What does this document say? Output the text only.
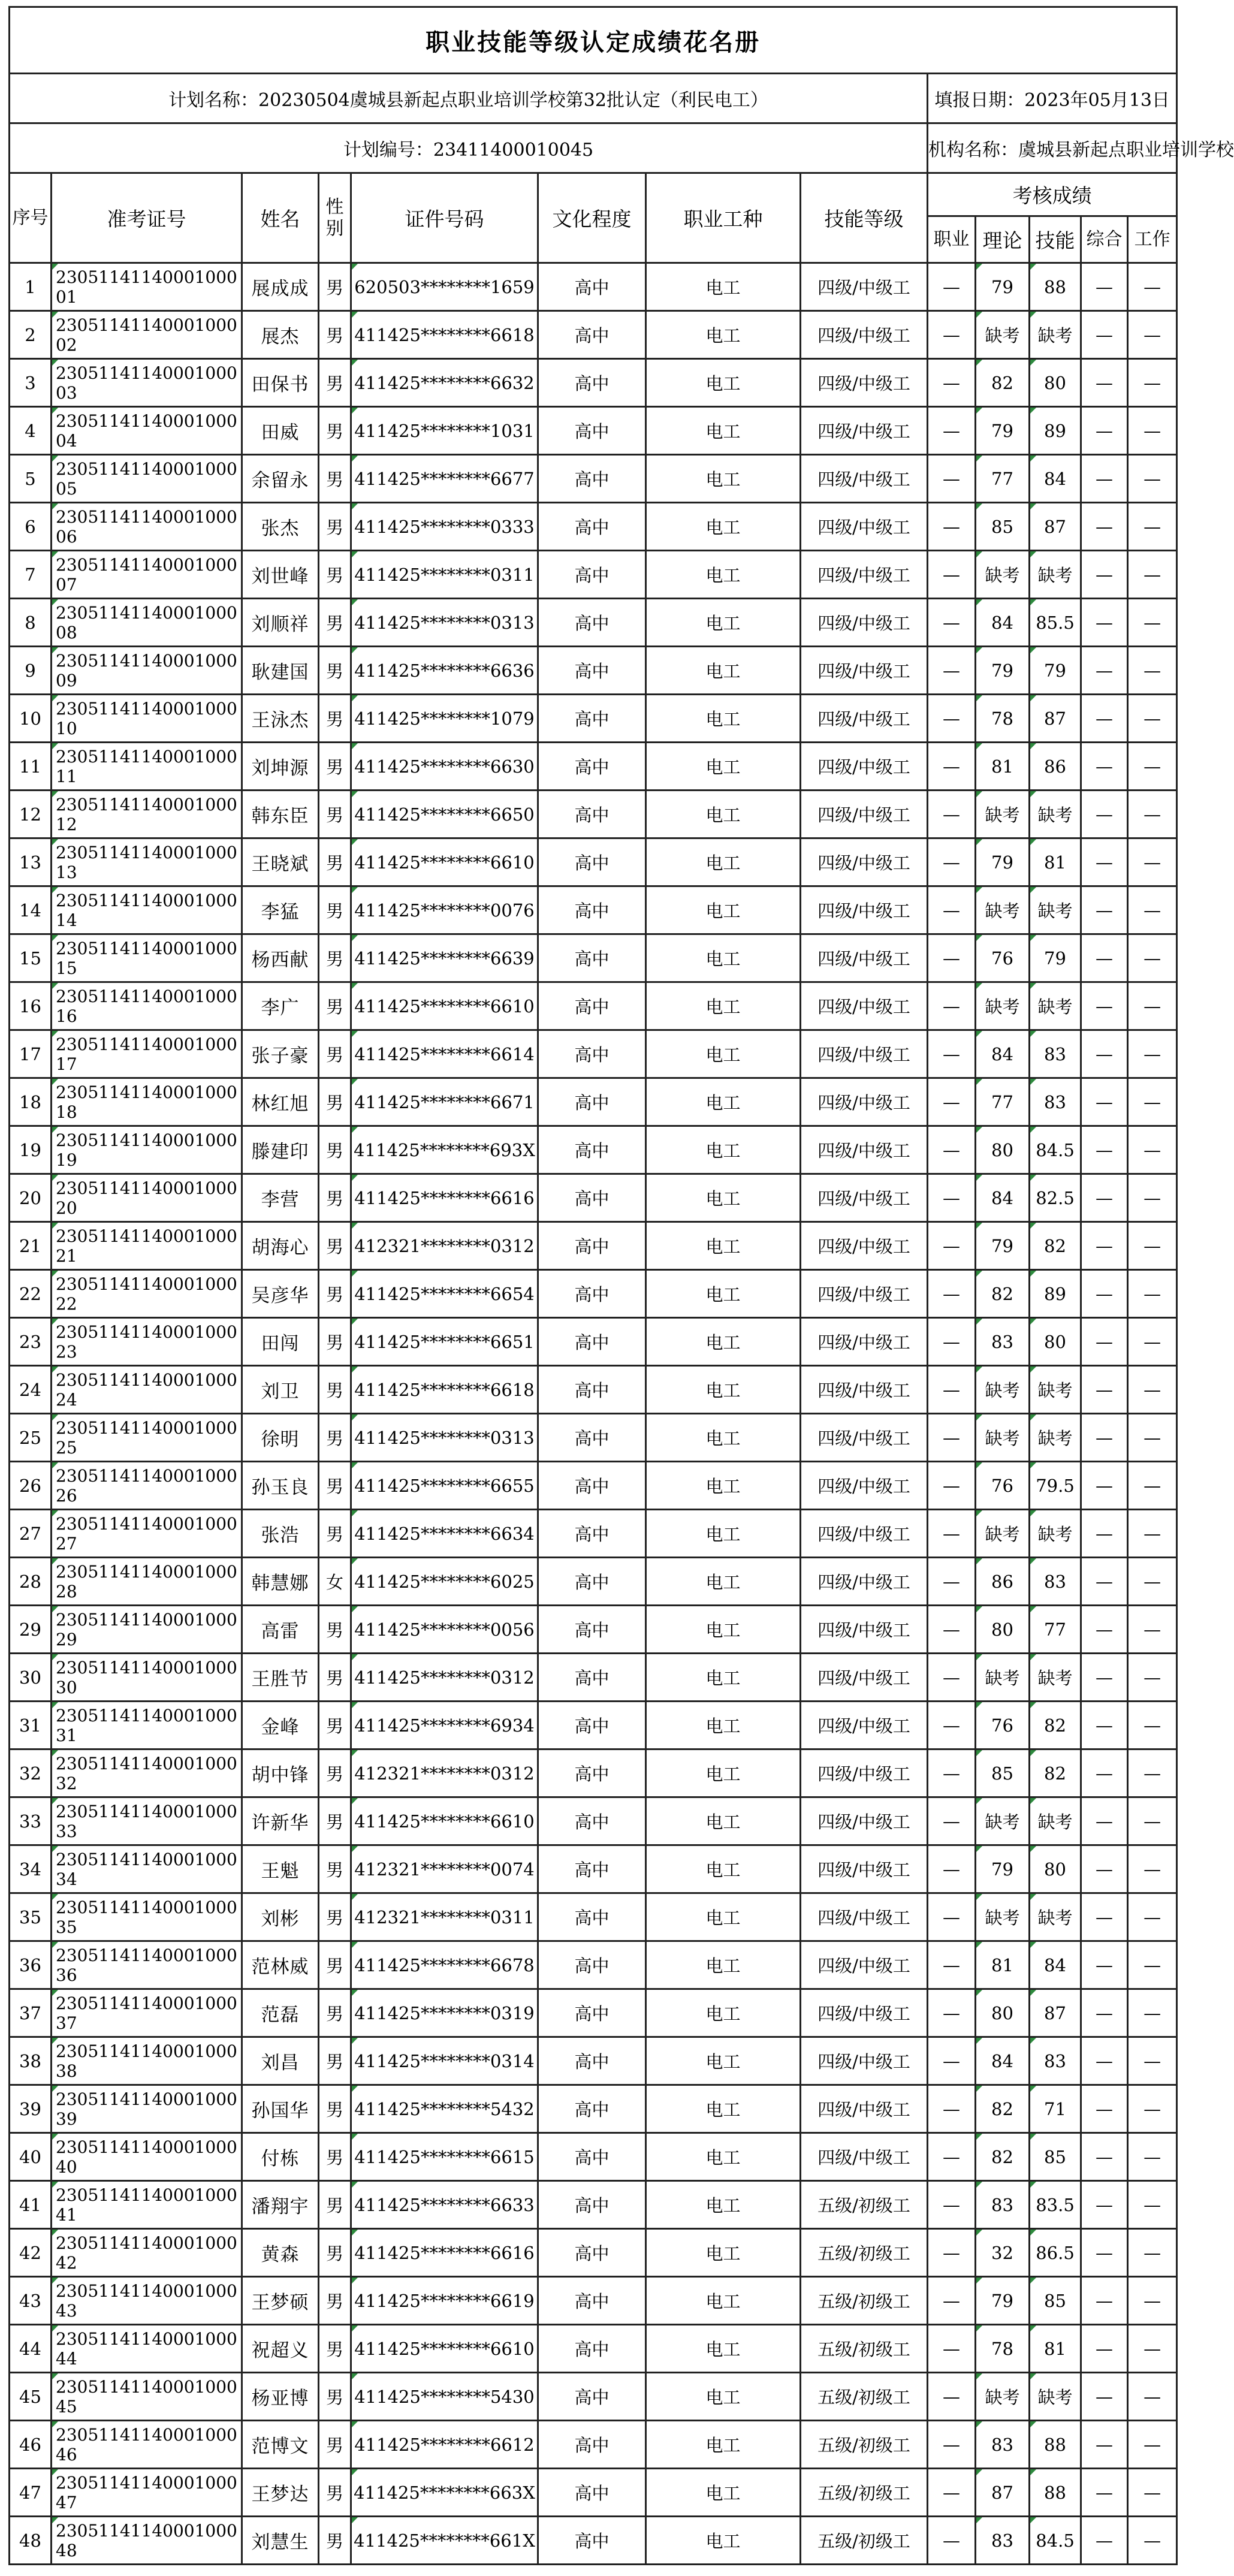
职业技能等级认定成绩花名册												
计划名称：20230504虞城县新起点职业培训学校第32批认定（利民电工）								填报日期：2023年05月13日				
计划编号：23411400010045								机构名称：虞城县新起点职业培训学校				
序号	准考证号	姓名	性别	证件号码	文化程度	职业工种	技能等级	考核成绩				
								职业	理论	技能	综合	工作
1	2305114114000100001	展成成	男	620503********1659	高中	电工	四级/中级工	—	79	88	—	—
2	2305114114000100002	展杰	男	411425********6618	高中	电工	四级/中级工	—	缺考	缺考	—	—
3	2305114114000100003	田保书	男	411425********6632	高中	电工	四级/中级工	—	82	80	—	—
4	2305114114000100004	田威	男	411425********1031	高中	电工	四级/中级工	—	79	89	—	—
5	2305114114000100005	余留永	男	411425********6677	高中	电工	四级/中级工	—	77	84	—	—
6	2305114114000100006	张杰	男	411425********0333	高中	电工	四级/中级工	—	85	87	—	—
7	2305114114000100007	刘世峰	男	411425********0311	高中	电工	四级/中级工	—	缺考	缺考	—	—
8	2305114114000100008	刘顺祥	男	411425********0313	高中	电工	四级/中级工	—	84	85.5	—	—
9	2305114114000100009	耿建国	男	411425********6636	高中	电工	四级/中级工	—	79	79	—	—
10	2305114114000100010	王泳杰	男	411425********1079	高中	电工	四级/中级工	—	78	87	—	—
11	2305114114000100011	刘坤源	男	411425********6630	高中	电工	四级/中级工	—	81	86	—	—
12	2305114114000100012	韩东臣	男	411425********6650	高中	电工	四级/中级工	—	缺考	缺考	—	—
13	2305114114000100013	王晓斌	男	411425********6610	高中	电工	四级/中级工	—	79	81	—	—
14	2305114114000100014	李猛	男	411425********0076	高中	电工	四级/中级工	—	缺考	缺考	—	—
15	2305114114000100015	杨西献	男	411425********6639	高中	电工	四级/中级工	—	76	79	—	—
16	2305114114000100016	李广	男	411425********6610	高中	电工	四级/中级工	—	缺考	缺考	—	—
17	2305114114000100017	张子豪	男	411425********6614	高中	电工	四级/中级工	—	84	83	—	—
18	2305114114000100018	林红旭	男	411425********6671	高中	电工	四级/中级工	—	77	83	—	—
19	2305114114000100019	滕建印	男	411425********693X	高中	电工	四级/中级工	—	80	84.5	—	—
20	2305114114000100020	李营	男	411425********6616	高中	电工	四级/中级工	—	84	82.5	—	—
21	2305114114000100021	胡海心	男	412321********0312	高中	电工	四级/中级工	—	79	82	—	—
22	2305114114000100022	吴彦华	男	411425********6654	高中	电工	四级/中级工	—	82	89	—	—
23	2305114114000100023	田闯	男	411425********6651	高中	电工	四级/中级工	—	83	80	—	—
24	2305114114000100024	刘卫	男	411425********6618	高中	电工	四级/中级工	—	缺考	缺考	—	—
25	2305114114000100025	徐明	男	411425********0313	高中	电工	四级/中级工	—	缺考	缺考	—	—
26	2305114114000100026	孙玉良	男	411425********6655	高中	电工	四级/中级工	—	76	79.5	—	—
27	2305114114000100027	张浩	男	411425********6634	高中	电工	四级/中级工	—	缺考	缺考	—	—
28	2305114114000100028	韩慧娜	女	411425********6025	高中	电工	四级/中级工	—	86	83	—	—
29	2305114114000100029	高雷	男	411425********0056	高中	电工	四级/中级工	—	80	77	—	—
30	2305114114000100030	王胜节	男	411425********0312	高中	电工	四级/中级工	—	缺考	缺考	—	—
31	2305114114000100031	金峰	男	411425********6934	高中	电工	四级/中级工	—	76	82	—	—
32	2305114114000100032	胡中锋	男	412321********0312	高中	电工	四级/中级工	—	85	82	—	—
33	2305114114000100033	许新华	男	411425********6610	高中	电工	四级/中级工	—	缺考	缺考	—	—
34	2305114114000100034	王魁	男	412321********0074	高中	电工	四级/中级工	—	79	80	—	—
35	2305114114000100035	刘彬	男	412321********0311	高中	电工	四级/中级工	—	缺考	缺考	—	—
36	2305114114000100036	范林威	男	411425********6678	高中	电工	四级/中级工	—	81	84	—	—
37	2305114114000100037	范磊	男	411425********0319	高中	电工	四级/中级工	—	80	87	—	—
38	2305114114000100038	刘昌	男	411425********0314	高中	电工	四级/中级工	—	84	83	—	—
39	2305114114000100039	孙国华	男	411425********5432	高中	电工	四级/中级工	—	82	71	—	—
40	2305114114000100040	付栋	男	411425********6615	高中	电工	四级/中级工	—	82	85	—	—
41	2305114114000100041	潘翔宇	男	411425********6633	高中	电工	五级/初级工	—	83	83.5	—	—
42	2305114114000100042	黄森	男	411425********6616	高中	电工	五级/初级工	—	32	86.5	—	—
43	2305114114000100043	王梦硕	男	411425********6619	高中	电工	五级/初级工	—	79	85	—	—
44	2305114114000100044	祝超义	男	411425********6610	高中	电工	五级/初级工	—	78	81	—	—
45	2305114114000100045	杨亚博	男	411425********5430	高中	电工	五级/初级工	—	缺考	缺考	—	—
46	2305114114000100046	范博文	男	411425********6612	高中	电工	五级/初级工	—	83	88	—	—
47	2305114114000100047	王梦达	男	411425********663X	高中	电工	五级/初级工	—	87	88	—	—
48	2305114114000100048	刘慧生	男	411425********661X	高中	电工	五级/初级工	—	83	84.5	—	—
